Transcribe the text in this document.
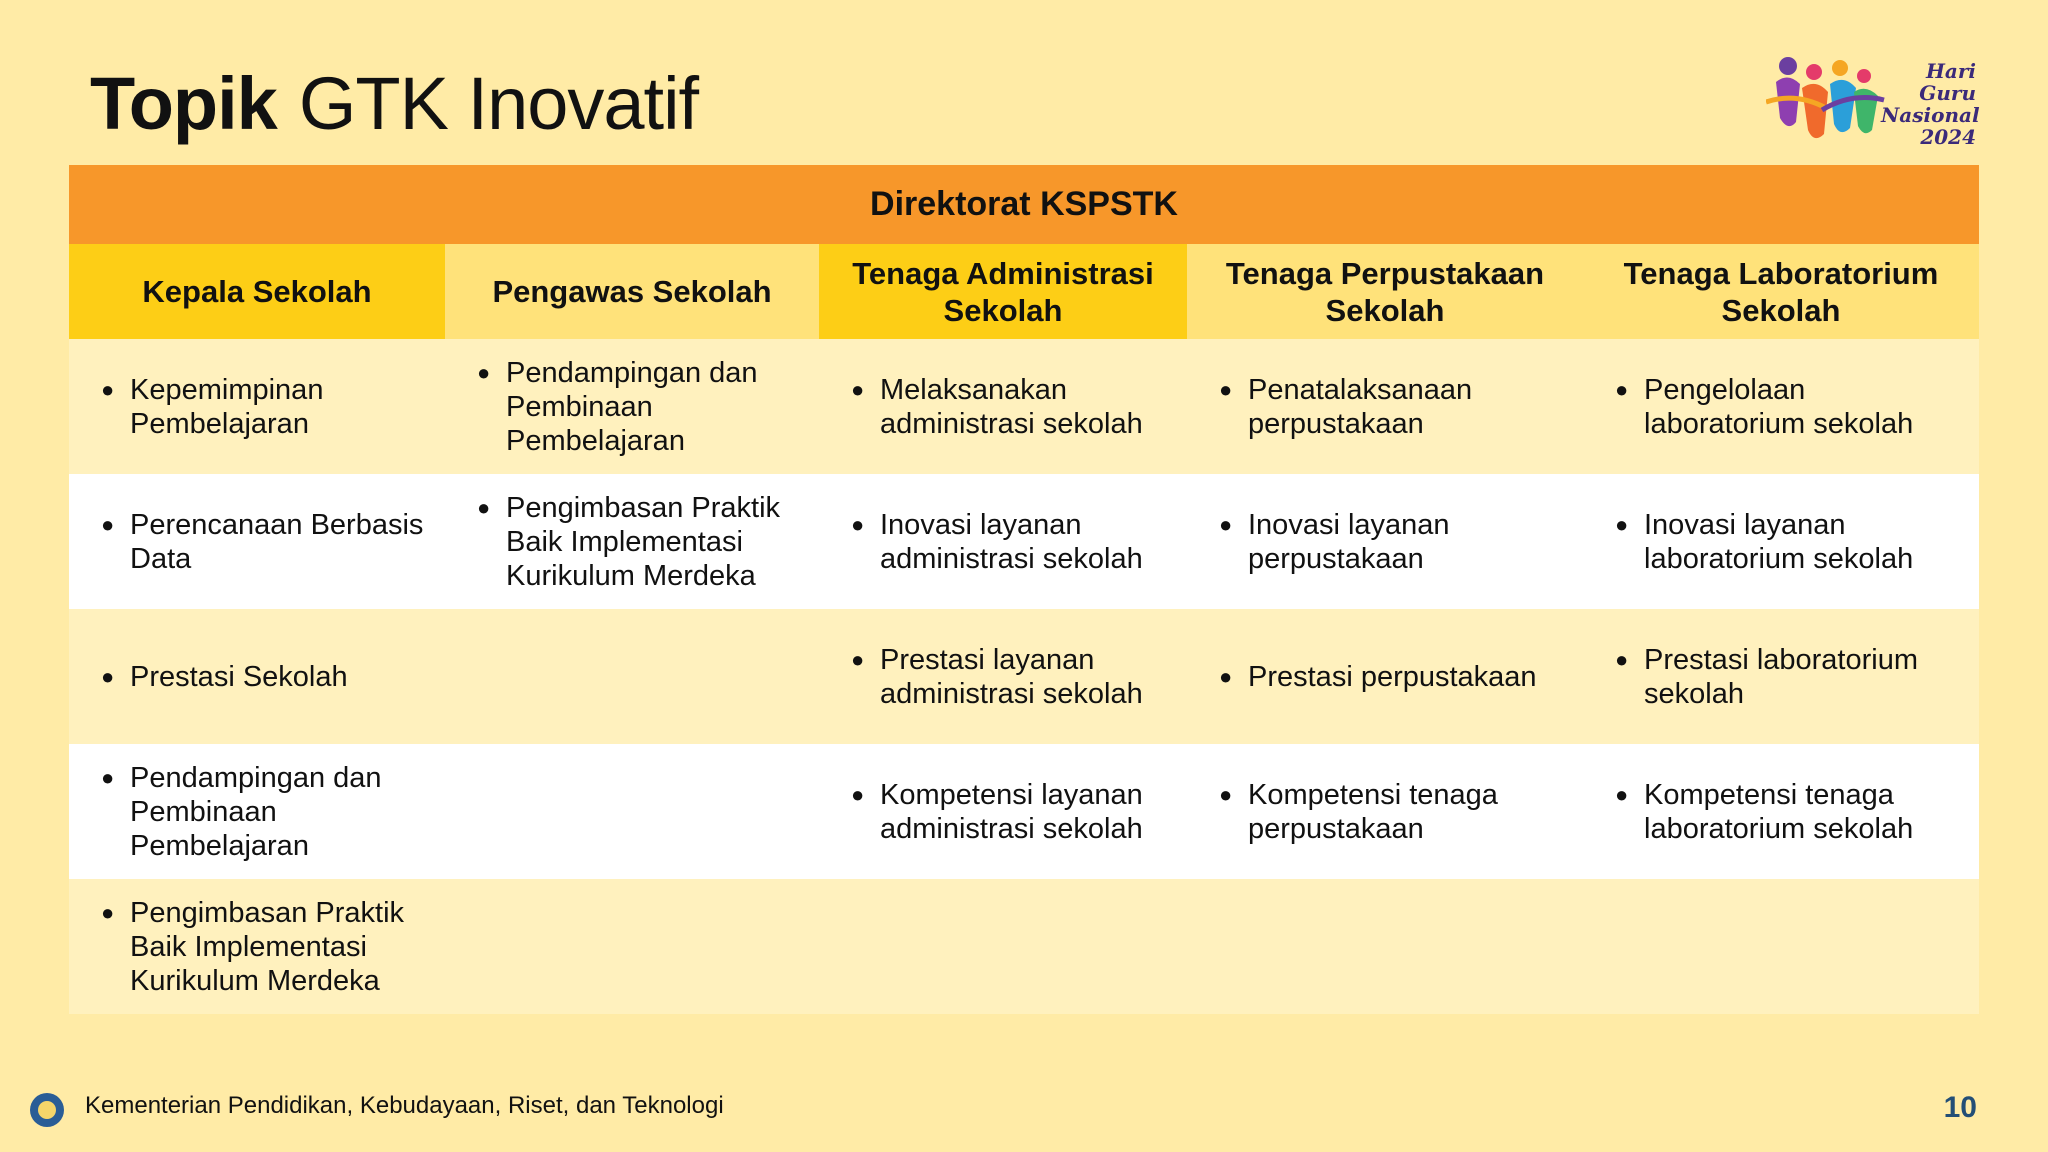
Topik GTK Inovatif	Hari Guru
Nasional
2024
Direktorat KSPSTK				
Kepala Sekolah	Pengawas Sekolah	Tenaga Administrasi Sekolah	Tenaga Perpustakaan Sekolah	Tenaga Laboratorium Sekolah

● Kepemimpinan Pembelajaran	● Pendampingan dan Pembinaan Pembelajaran	● Melaksanakan administrasi sekolah	● Penatalaksanaan perpustakaan	● Pengelolaan laboratorium sekolah

● Perencanaan Berbasis Data	● Pengimbasan Praktik Baik Implementasi Kurikulum Merdeka	● Inovasi layanan administrasi sekolah	● Inovasi layanan perpustakaan	● Inovasi layanan laboratorium sekolah

● Prestasi Sekolah		● Prestasi layanan administrasi sekolah	● Prestasi perpustakaan	● Prestasi laboratorium sekolah

● Pendampingan dan Pembinaan Pembelajaran		● Kompetensi layanan administrasi sekolah	● Kompetensi tenaga perpustakaan	● Kompetensi tenaga laboratorium sekolah

● Pengimbasan Praktik Baik Implementasi Kurikulum Merdeka				

Kementerian Pendidikan, Kebudayaan, Riset, dan Teknologi	10
